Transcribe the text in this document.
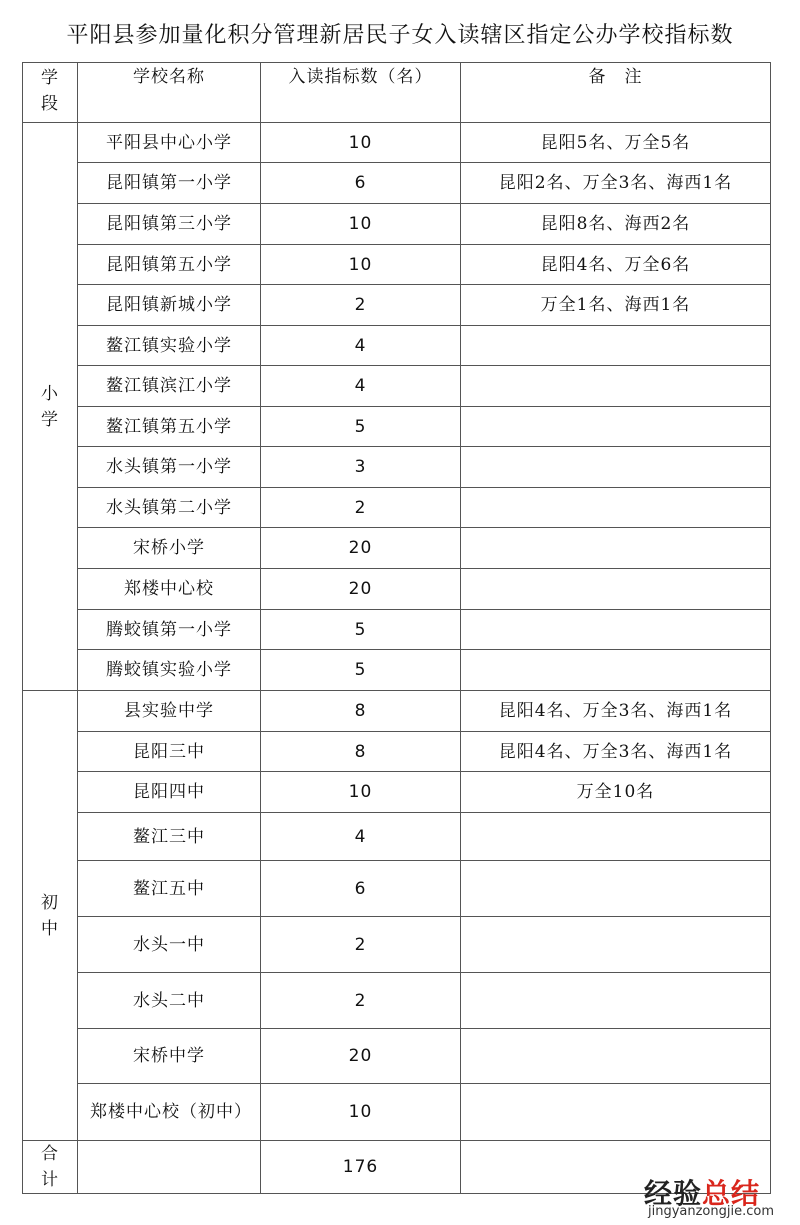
平阳县参加量化积分管理新居民子女入读辖区指定公办学校指标数
学段	学校名称	入读指标数（名）	备　注

小学	平阳县中心小学	10	昆阳5名、万全5名
	昆阳镇第一小学	6	昆阳2名、万全3名、海西1名
	昆阳镇第三小学	10	昆阳8名、海西2名
	昆阳镇第五小学	10	昆阳4名、万全6名
	昆阳镇新城小学	2	万全1名、海西1名
	鳌江镇实验小学	4	
	鳌江镇滨江小学	4	
	鳌江镇第五小学	5	
	水头镇第一小学	3	
	水头镇第二小学	2	
	宋桥小学	20	
	郑楼中心校	20	
	腾蛟镇第一小学	5	
	腾蛟镇实验小学	5	

初中	县实验中学	8	昆阳4名、万全3名、海西1名
	昆阳三中	8	昆阳4名、万全3名、海西1名
	昆阳四中	10	万全10名
	鳌江三中	4	
	鳌江五中	6	
	水头一中	2	
	水头二中	2	
	宋桥中学	20	
	郑楼中心校（初中）	10	

合计		176	
经验总结
jingyanzongjie.com
